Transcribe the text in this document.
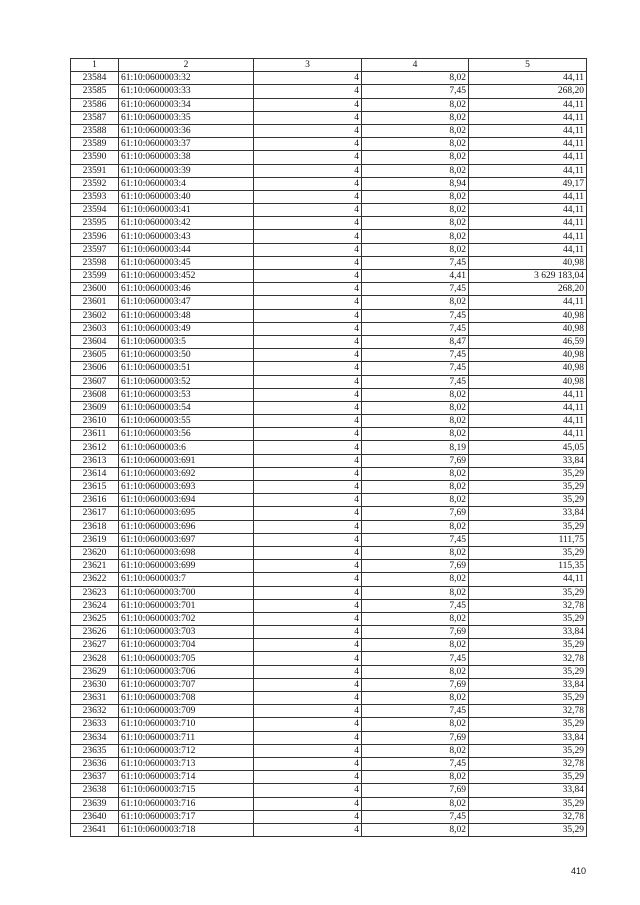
1	2	3	4	5
23584	61:10:0600003:32	4	8,02	44,11
23585	61:10:0600003:33	4	7,45	268,20
23586	61:10:0600003:34	4	8,02	44,11
23587	61:10:0600003:35	4	8,02	44,11
23588	61:10:0600003:36	4	8,02	44,11
23589	61:10:0600003:37	4	8,02	44,11
23590	61:10:0600003:38	4	8,02	44,11
23591	61:10:0600003:39	4	8,02	44,11
23592	61:10:0600003:4	4	8,94	49,17
23593	61:10:0600003:40	4	8,02	44,11
23594	61:10:0600003:41	4	8,02	44,11
23595	61:10:0600003:42	4	8,02	44,11
23596	61:10:0600003:43	4	8,02	44,11
23597	61:10:0600003:44	4	8,02	44,11
23598	61:10:0600003:45	4	7,45	40,98
23599	61:10:0600003:452	4	4,41	3 629 183,04
23600	61:10:0600003:46	4	7,45	268,20
23601	61:10:0600003:47	4	8,02	44,11
23602	61:10:0600003:48	4	7,45	40,98
23603	61:10:0600003:49	4	7,45	40,98
23604	61:10:0600003:5	4	8,47	46,59
23605	61:10:0600003:50	4	7,45	40,98
23606	61:10:0600003:51	4	7,45	40,98
23607	61:10:0600003:52	4	7,45	40,98
23608	61:10:0600003:53	4	8,02	44,11
23609	61:10:0600003:54	4	8,02	44,11
23610	61:10:0600003:55	4	8,02	44,11
23611	61:10:0600003:56	4	8,02	44,11
23612	61:10:0600003:6	4	8,19	45,05
23613	61:10:0600003:691	4	7,69	33,84
23614	61:10:0600003:692	4	8,02	35,29
23615	61:10:0600003:693	4	8,02	35,29
23616	61:10:0600003:694	4	8,02	35,29
23617	61:10:0600003:695	4	7,69	33,84
23618	61:10:0600003:696	4	8,02	35,29
23619	61:10:0600003:697	4	7,45	111,75
23620	61:10:0600003:698	4	8,02	35,29
23621	61:10:0600003:699	4	7,69	115,35
23622	61:10:0600003:7	4	8,02	44,11
23623	61:10:0600003:700	4	8,02	35,29
23624	61:10:0600003:701	4	7,45	32,78
23625	61:10:0600003:702	4	8,02	35,29
23626	61:10:0600003:703	4	7,69	33,84
23627	61:10:0600003:704	4	8,02	35,29
23628	61:10:0600003:705	4	7,45	32,78
23629	61:10:0600003:706	4	8,02	35,29
23630	61:10:0600003:707	4	7,69	33,84
23631	61:10:0600003:708	4	8,02	35,29
23632	61:10:0600003:709	4	7,45	32,78
23633	61:10:0600003:710	4	8,02	35,29
23634	61:10:0600003:711	4	7,69	33,84
23635	61:10:0600003:712	4	8,02	35,29
23636	61:10:0600003:713	4	7,45	32,78
23637	61:10:0600003:714	4	8,02	35,29
23638	61:10:0600003:715	4	7,69	33,84
23639	61:10:0600003:716	4	8,02	35,29
23640	61:10:0600003:717	4	7,45	32,78
23641	61:10:0600003:718	4	8,02	35,29
410
